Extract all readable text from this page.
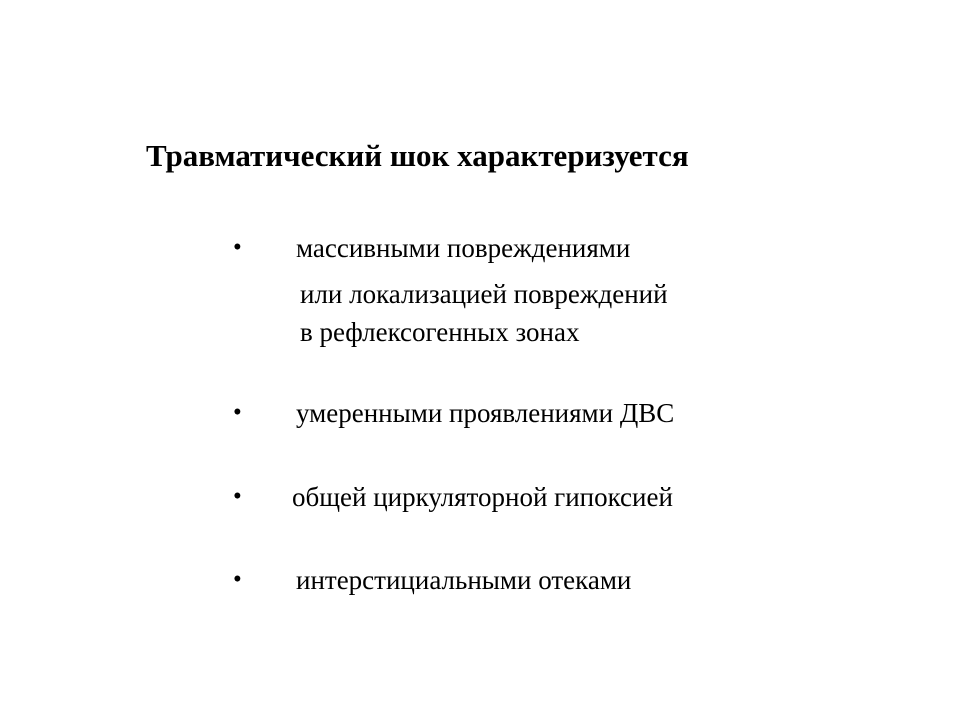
Травматический шок характеризуется
• массивными повреждениями
или локализацией повреждений
в рефлексогенных зонах
• умеренными проявлениями ДВС
• общей циркуляторной гипоксией
• интерстициальными отеками
